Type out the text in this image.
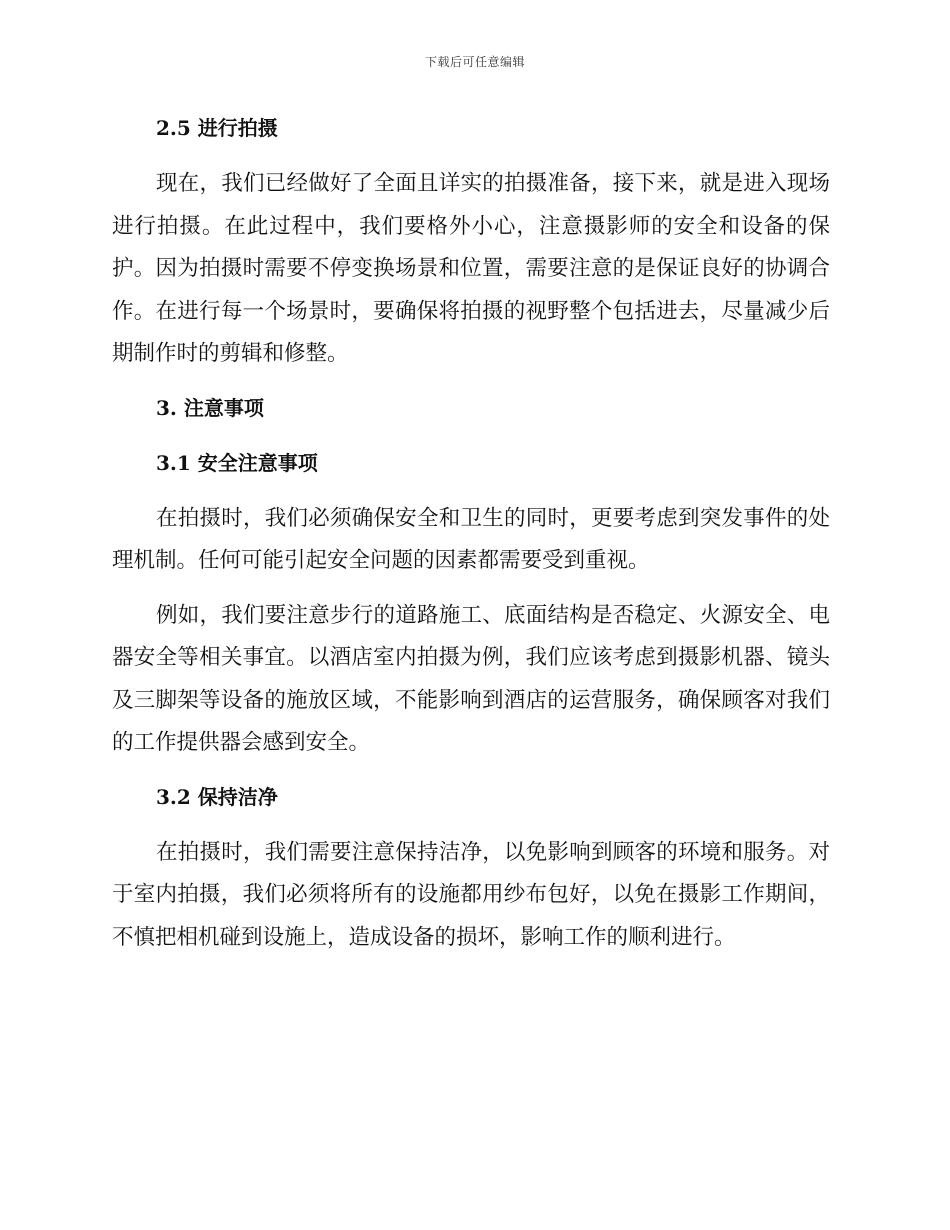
下载后可任意编辑
2.5 进行拍摄

现在，我们已经做好了全面且详实的拍摄准备，接下来，就是进入现场进行拍摄。在此过程中，我们要格外小心，注意摄影师的安全和设备的保护。因为拍摄时需要不停变换场景和位置，需要注意的是保证良好的协调合作。在进行每一个场景时，要确保将拍摄的视野整个包括进去，尽量减少后期制作时的剪辑和修整。

3. 注意事项
3.1 安全注意事项

在拍摄时，我们必须确保安全和卫生的同时，更要考虑到突发事件的处理机制。任何可能引起安全问题的因素都需要受到重视。

例如，我们要注意步行的道路施工、底面结构是否稳定、火源安全、电器安全等相关事宜。以酒店室内拍摄为例，我们应该考虑到摄影机器、镜头及三脚架等设备的施放区域，不能影响到酒店的运营服务，确保顾客对我们的工作提供器会感到安全。

3.2 保持洁净

在拍摄时，我们需要注意保持洁净，以免影响到顾客的环境和服务。对于室内拍摄，我们必须将所有的设施都用纱布包好，以免在摄影工作期间，不慎把相机碰到设施上，造成设备的损坏，影响工作的顺利进行。
